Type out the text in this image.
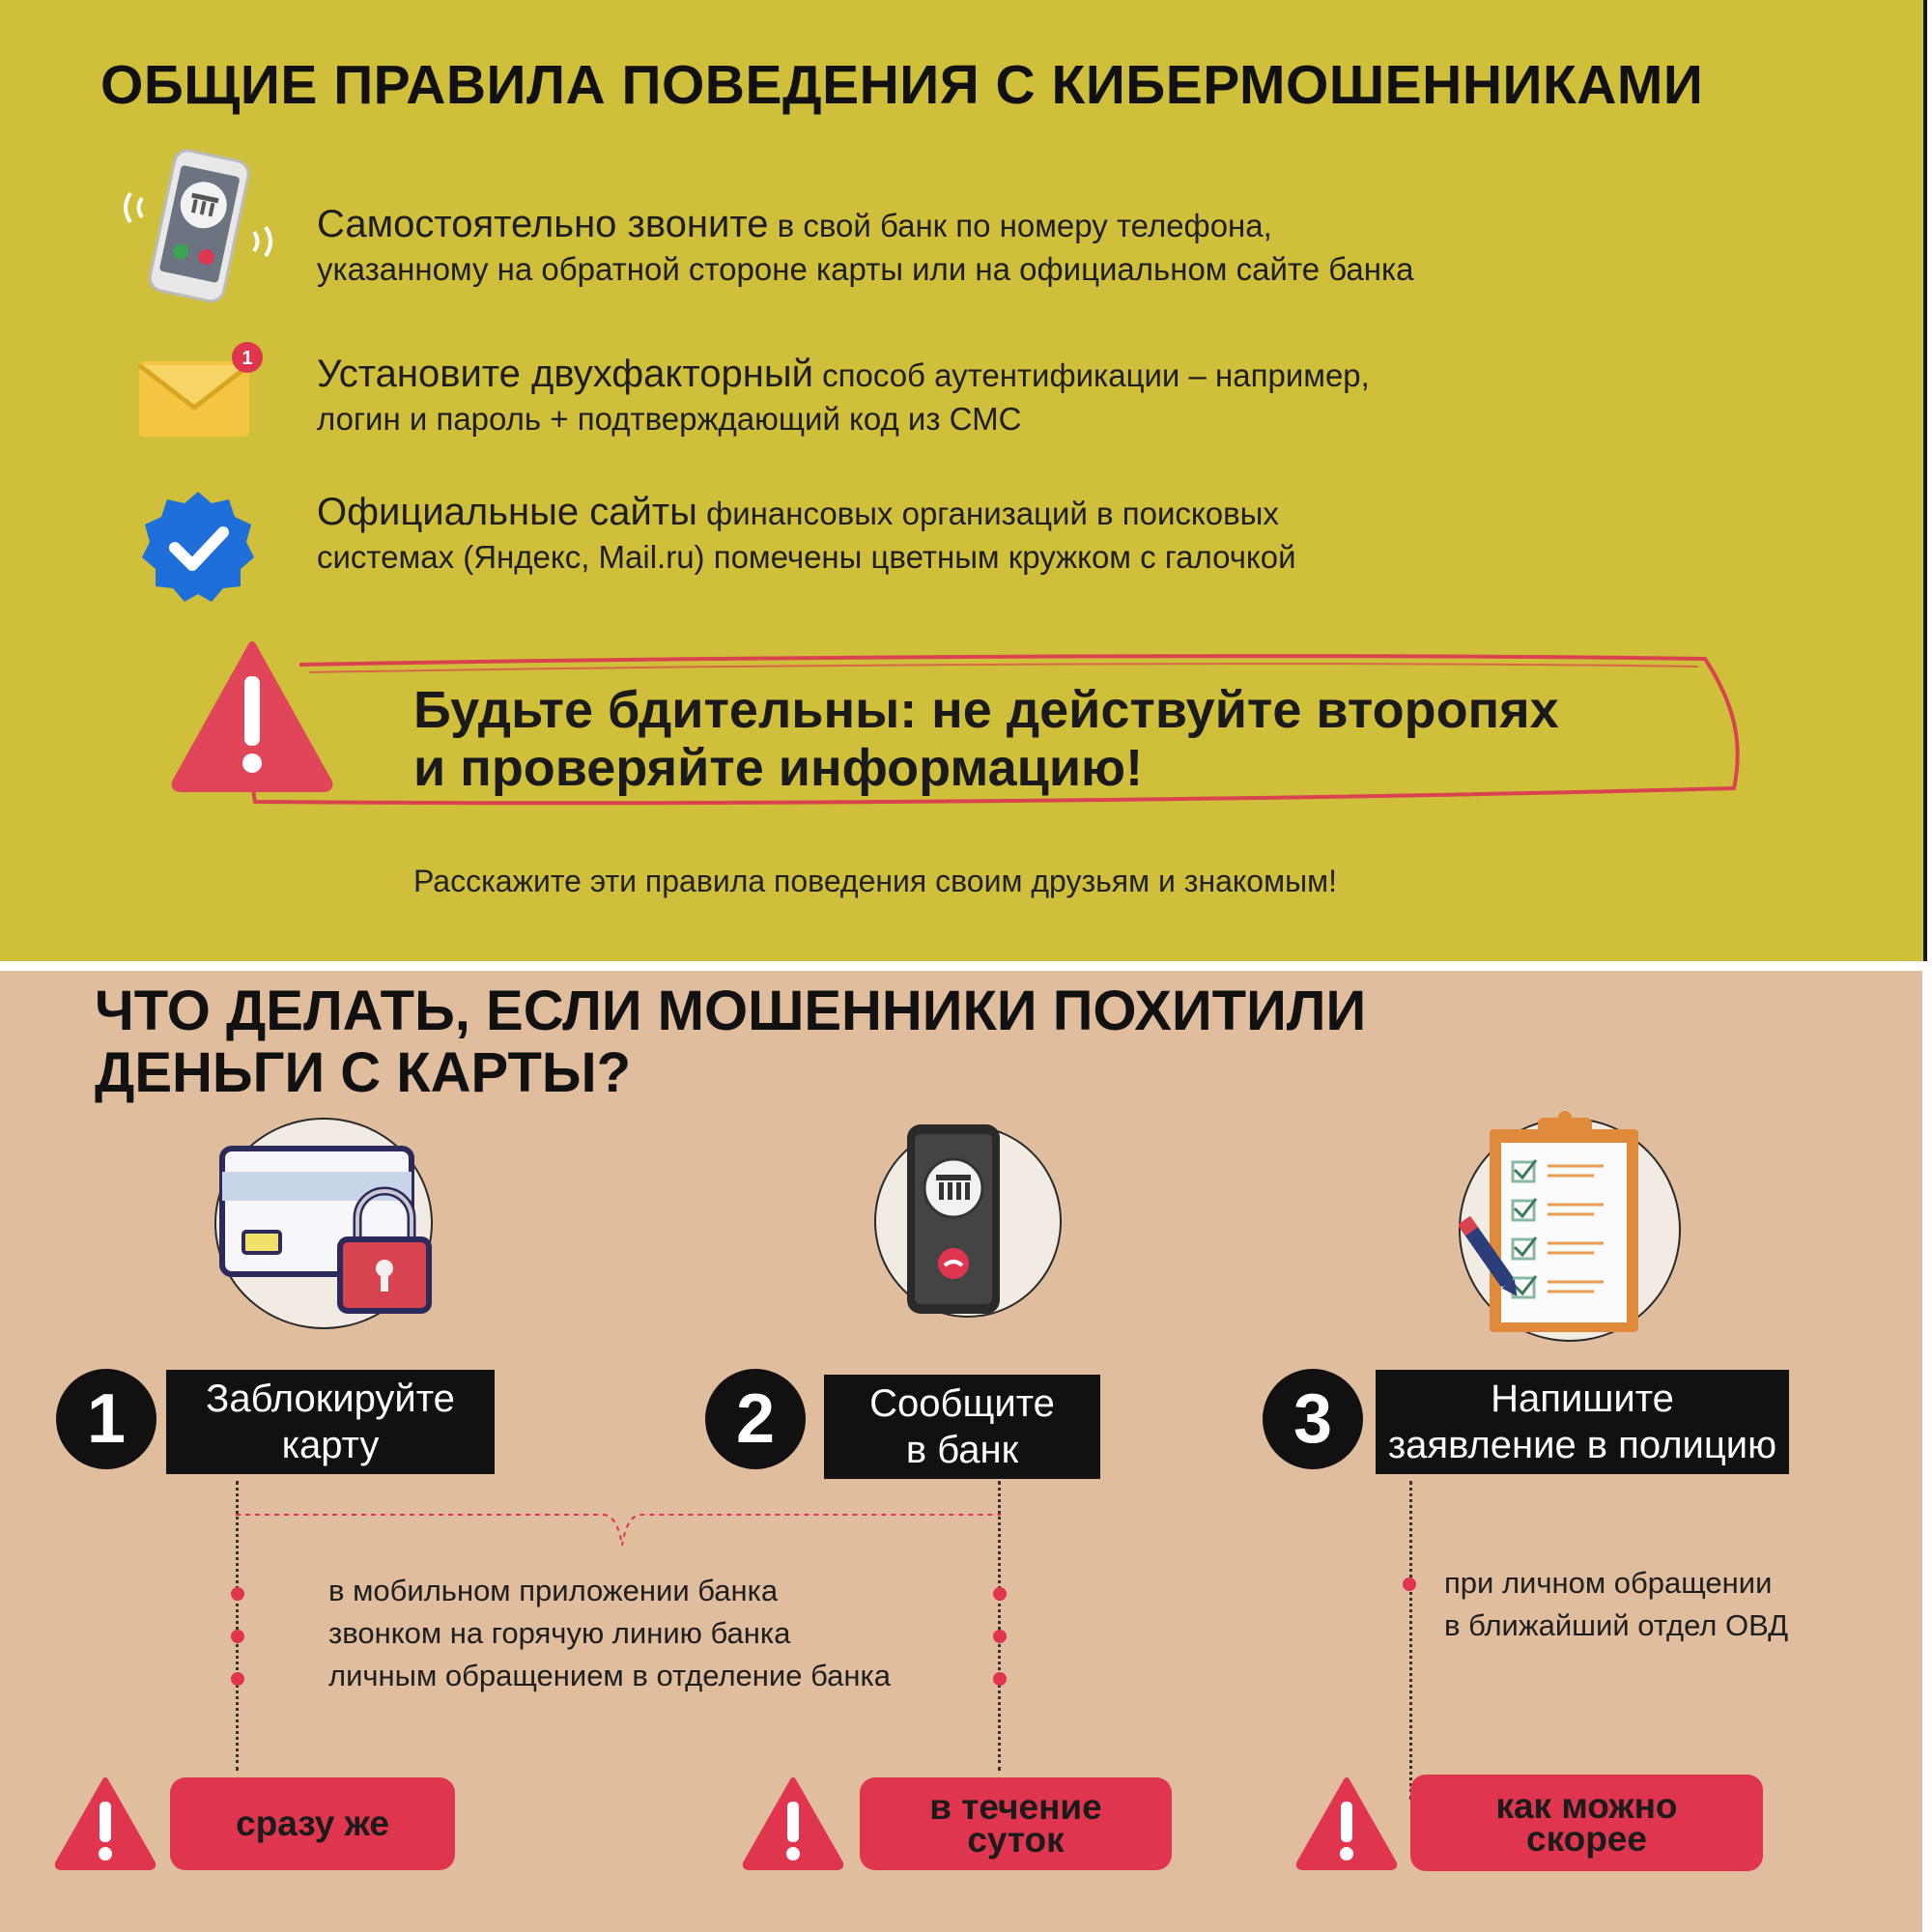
ОБЩИЕ ПРАВИЛА ПОВЕДЕНИЯ С КИБЕРМОШЕННИКАМИ
Самостоятельно звоните в свой банк по номеру телефона,
указанному на обратной стороне карты или на официальном сайте банка
1 Установите двухфакторный способ аутентификации – например,
логин и пароль + подтверждающий код из СМС
Официальные сайты финансовых организаций в поисковых
системах (Яндекс, Mail.ru) помечены цветным кружком с галочкой
Будьте бдительны: не действуйте второпях
и проверяйте информацию!
Расскажите эти правила поведения своим друзьям и знакомым!
ЧТО ДЕЛАТЬ, ЕСЛИ МОШЕННИКИ ПОХИТИЛИ
ДЕНЬГИ С КАРТЫ?
1	Заблокируйте
карту	2	Сообщите
в банк	3	Напишите
заявление в полицию
в мобильном приложении банка
звонком на горячую линию банка
личным обращением в отделение банка
при личном обращении
в ближайший отдел ОВД
сразу же	в течение
суток
как можно
скорее
